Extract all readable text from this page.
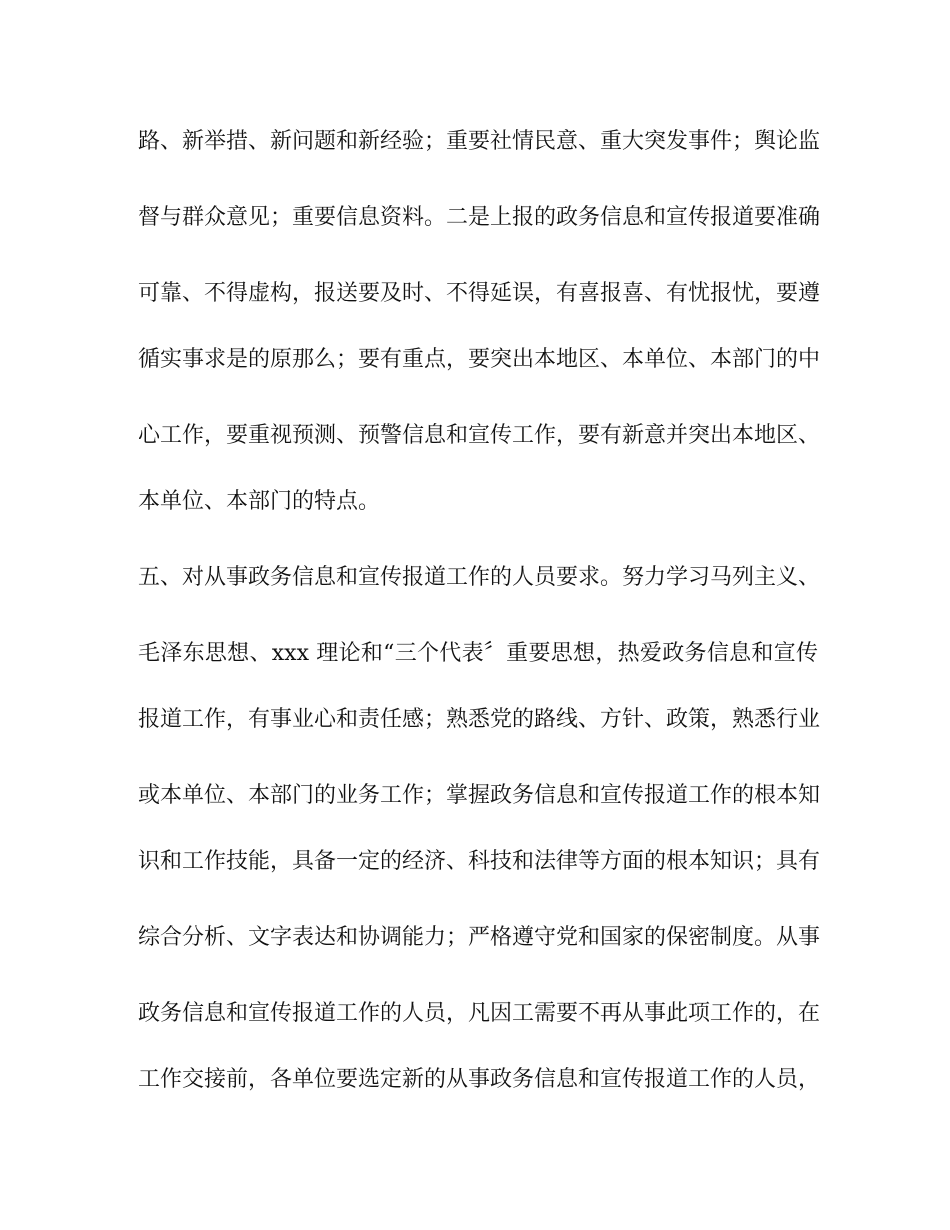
路、新举措、新问题和新经验；重要社情民意、重大突发事件；舆论监
督与群众意见；重要信息资料。二是上报的政务信息和宣传报道要准确
可靠、不得虚构，报送要及时、不得延误，有喜报喜、有忧报忧，要遵
循实事求是的原那么；要有重点，要突出本地区、本单位、本部门的中
心工作，要重视预测、预警信息和宣传工作，要有新意并突出本地区、
本单位、本部门的特点。
五、对从事政务信息和宣传报道工作的人员要求。努力学习马列主义、
毛泽东思想、xxx 理论和“三个代表〞重要思想，热爱政务信息和宣传
报道工作，有事业心和责任感；熟悉党的路线、方针、政策，熟悉行业
或本单位、本部门的业务工作；掌握政务信息和宣传报道工作的根本知
识和工作技能，具备一定的经济、科技和法律等方面的根本知识；具有
综合分析、文字表达和协调能力；严格遵守党和国家的保密制度。从事
政务信息和宣传报道工作的人员，凡因工需要不再从事此项工作的，在
工作交接前，各单位要选定新的从事政务信息和宣传报道工作的人员，
